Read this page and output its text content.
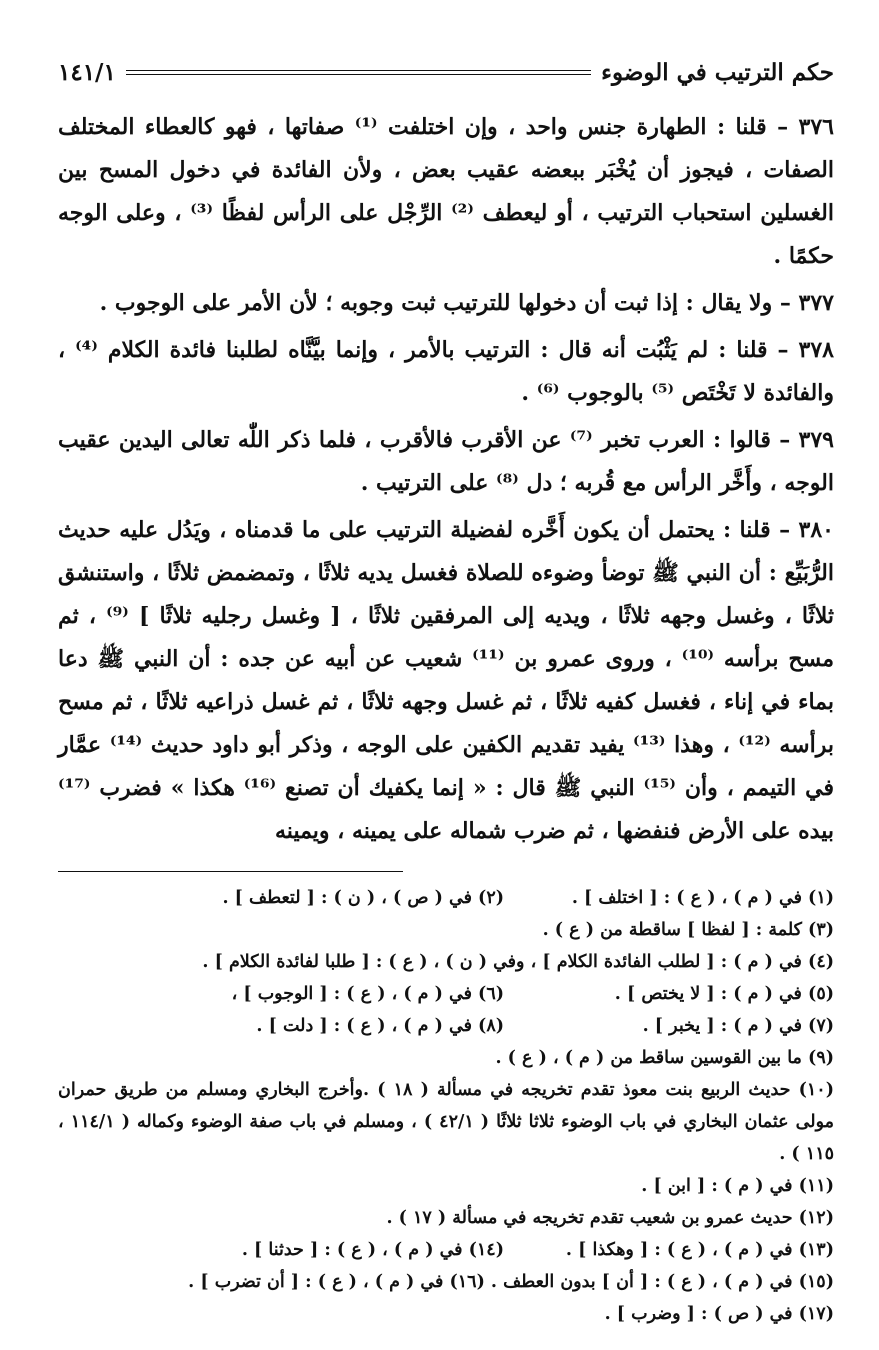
حكم الترتيب في الوضوء
١٤١/١

٣٧٦ – قلنا : الطهارة جنس واحد ، وإن اختلفت ⁽¹⁾ صفاتها ، فهو كالعطاء المختلف الصفات ، فيجوز أن يُخْبَر ببعضه عقيب بعض ، ولأن الفائدة في دخول المسح بين الغسلين استحباب الترتيب ، أو ليعطف ⁽²⁾ الرِّجْل على الرأس لفظًا ⁽³⁾ ، وعلى الوجه حكمًا .

٣٧٧ – ولا يقال : إذا ثبت أن دخولها للترتيب ثبت وجوبه ؛ لأن الأمر على الوجوب .

٣٧٨ – قلنا : لم يَثْبُت أنه قال : الترتيب بالأمر ، وإنما بيَّنَّاه لطلبنا فائدة الكلام ⁽⁴⁾ ، والفائدة لا تَخْتَص ⁽⁵⁾ بالوجوب ⁽⁶⁾ .

٣٧٩ – قالوا : العرب تخبر ⁽⁷⁾ عن الأقرب فالأقرب ، فلما ذكر اللّٰه تعالى اليدين عقيب الوجه ، وأَخَّر الرأس مع قُربه ؛ دل ⁽⁸⁾ على الترتيب .

٣٨٠ – قلنا : يحتمل أن يكون أَخَّره لفضيلة الترتيب على ما قدمناه ، ويَدُل عليه حديث الرُّبَيِّع : أن النبي ﷺ توضأ وضوءه للصلاة فغسل يديه ثلاثًا ، وتمضمض ثلاثًا ، واستنشق ثلاثًا ، وغسل وجهه ثلاثًا ، ويديه إلى المرفقين ثلاثًا ، [ وغسل رجليه ثلاثًا ] ⁽⁹⁾ ، ثم مسح برأسه ⁽¹⁰⁾ ، وروى عمرو بن ⁽¹¹⁾ شعيب عن أبيه عن جده : أن النبي ﷺ دعا بماء في إناء ، فغسل كفيه ثلاثًا ، ثم غسل وجهه ثلاثًا ، ثم غسل ذراعيه ثلاثًا ، ثم مسح برأسه ⁽¹²⁾ ، وهذا ⁽¹³⁾ يفيد تقديم الكفين على الوجه ، وذكر أبو داود حديث ⁽¹⁴⁾ عمَّار في التيمم ، وأن ⁽¹⁵⁾ النبي ﷺ قال : « إنما يكفيك أن تصنع ⁽¹⁶⁾ هكذا » فضرب ⁽¹⁷⁾ بيده على الأرض فنفضها ، ثم ضرب شماله على يمينه ، ويمينه

(١) في ( م ) ، ( ع ) : [ اختلف ] .
(٢) في ( ص ) ، ( ن ) : [ لتعطف ] .
(٣) كلمة : [ لفظا ] ساقطة من ( ع ) .
(٤) في ( م ) : [ لطلب الفائدة الكلام ] ، وفي ( ن ) ، ( ع ) : [ طلبا لفائدة الكلام ] .
(٥) في ( م ) : [ لا يختص ] .
(٦) في ( م ) ، ( ع ) : [ الوجوب ] ،
(٧) في ( م ) : [ يخبر ] .
(٨) في ( م ) ، ( ع ) : [ دلت ] .
(٩) ما بين القوسين ساقط من ( م ) ، ( ع ) .
(١٠) حديث الربيع بنت معوذ تقدم تخريجه في مسألة ( ١٨ ) .وأخرج البخاري ومسلم من طريق حمران مولى عثمان البخاري في باب الوضوء ثلاثا ثلاثًا ( ٤٢/١ ) ، ومسلم في باب صفة الوضوء وكماله ( ١١٤/١ ، ١١٥ ) .
(١١) في ( م ) : [ ابن ] .
(١٢) حديث عمرو بن شعيب تقدم تخريجه في مسألة ( ١٧ ) .
(١٣) في ( م ) ، ( ع ) : [ وهكذا ] .
(١٤) في ( م ) ، ( ع ) : [ حدثنا ] .
(١٥) في ( م ) ، ( ع ) : [ أن ] بدون العطف . (١٦) في ( م ) ، ( ع ) : [ أن تضرب ] .
(١٧) في ( ص ) : [ وضرب ] .
